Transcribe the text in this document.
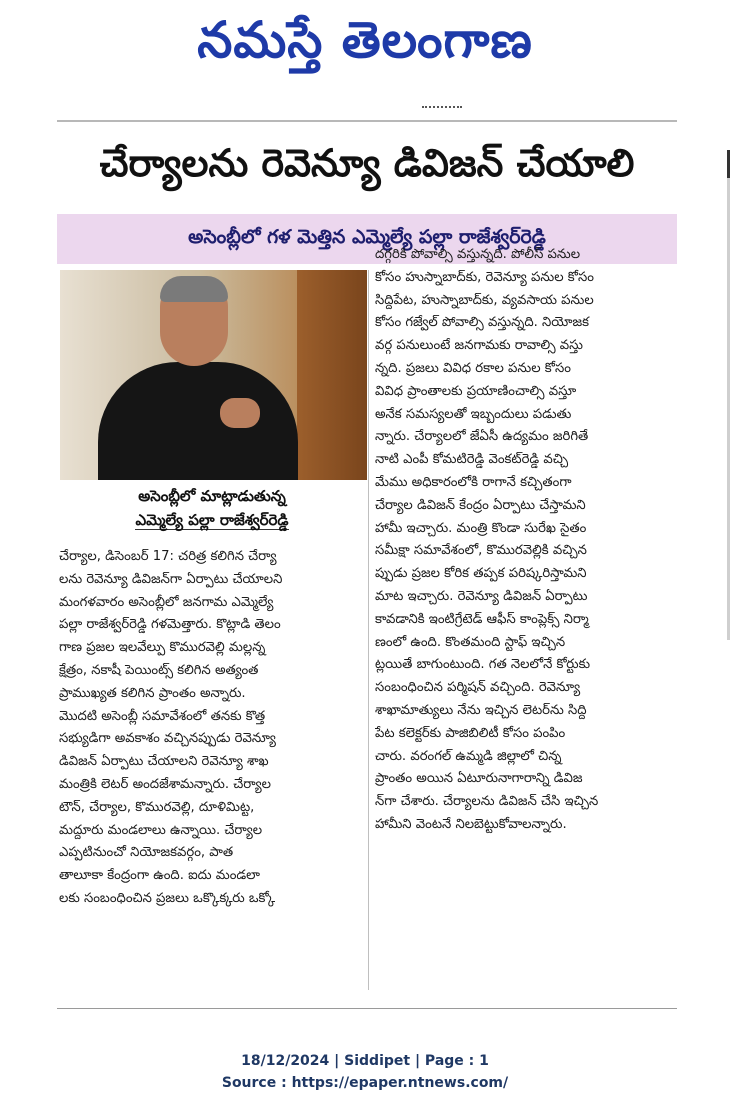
నమస్తే తెలంగాణ
చేర్యాలను రెవెన్యూ డివిజన్ చేయాలి
అసెంబ్లీలో గళ మెత్తిన ఎమ్మెల్యే పల్లా రాజేశ్వర్‌రెడ్డి
అసెంబ్లీలో మాట్లాడుతున్న
ఎమ్మెల్యే పల్లా రాజేశ్వర్‌రెడ్డి
చేర్యాల, డిసెంబర్ 17: చరిత్ర కలిగిన చేర్యా
లను రెవెన్యూ డివిజన్‌గా ఏర్పాటు చేయాలని
మంగళవారం అసెంబ్లీలో జనగామ ఎమ్మెల్యే
పల్లా రాజేశ్వర్‌రెడ్డి గళమెత్తారు. కొట్లాడి తెలం
గాణ ప్రజల ఇలవేల్పు కొమురవెల్లి మల్లన్న
క్షేత్రం, నకాషీ పెయింట్స్ కలిగిన అత్యంత
ప్రాముఖ్యత కలిగిన ప్రాంతం అన్నారు.
మొదటి అసెంబ్లీ సమావేశంలో తనకు కొత్త
సభ్యుడిగా అవకాశం వచ్చినప్పుడు రెవెన్యూ
డివిజన్ ఏర్పాటు చేయాలని రెవెన్యూ శాఖ
మంత్రికి లెటర్ అందజేశామన్నారు. చేర్యాల
టౌన్, చేర్యాల, కొమురవెల్లి, దూళిమిట్ట,
మద్దూరు మండలాలు ఉన్నాయి. చేర్యాల
ఎప్పటినుంచో నియోజకవర్గం, పాత
తాలూకా కేంద్రంగా ఉంది. ఐదు మండలా
లకు సంబంధించిన ప్రజలు ఒక్కొక్కరు ఒక్కో
దగ్గరికి పోవాల్సి వస్తున్నది. పోలీస్ పనుల
కోసం హుస్నాబాద్‌కు, రెవెన్యూ పనుల కోసం
సిద్దిపేట, హుస్నాబాద్‌కు, వ్యవసాయ పనుల
కోసం గజ్వేల్ పోవాల్సి వస్తున్నది. నియోజక
వర్గ పనులుంటే జనగామకు రావాల్సి వస్తు
న్నది. ప్రజలు వివిధ రకాల పనుల కోసం
వివిధ ప్రాంతాలకు ప్రయాణించాల్సి వస్తూ
అనేక సమస్యలతో ఇబ్బందులు పడుతు
న్నారు. చేర్యాలలో జేఏసీ ఉద్యమం జరిగితే
నాటి ఎంపీ కోమటిరెడ్డి వెంకట్‌రెడ్డి వచ్చి
మేము అధికారంలోకి రాగానే కచ్చితంగా
చేర్యాల డివిజన్ కేంద్రం ఏర్పాటు చేస్తామని
హామీ ఇచ్చారు. మంత్రి కొండా సురేఖ సైతం
సమీక్షా సమావేశంలో, కొమురవెల్లికి వచ్చిన
ప్పుడు ప్రజల కోరిక తప్పక పరిష్కరిస్తామని
మాట ఇచ్చారు. రెవెన్యూ డివిజన్ ఏర్పాటు
కావడానికి ఇంటిగ్రేటెడ్ ఆఫీస్ కాంప్లెక్స్ నిర్మా
ణంలో ఉంది. కొంతమంది స్టాఫ్ ఇచ్చిన
ట్లయితే బాగుంటుంది. గత నెలలోనే కోర్టుకు
సంబంధించిన పర్మిషన్ వచ్చింది. రెవెన్యూ
శాఖామాత్యులు నేను ఇచ్చిన లెటర్‌ను సిద్ది
పేట కలెక్టర్‌కు పాజిబిలిటీ కోసం పంపిం
చారు. వరంగల్ ఉమ్మడి జిల్లాలో చిన్న
ప్రాంతం అయిన ఏటూరునాగారాన్ని డివిజ
న్‌గా చేశారు. చేర్యాలను డివిజన్ చేసి ఇచ్చిన
హామీని వెంటనే నిలబెట్టుకోవాలన్నారు.
18/12/2024 | Siddipet | Page : 1
Source : https://epaper.ntnews.com/
